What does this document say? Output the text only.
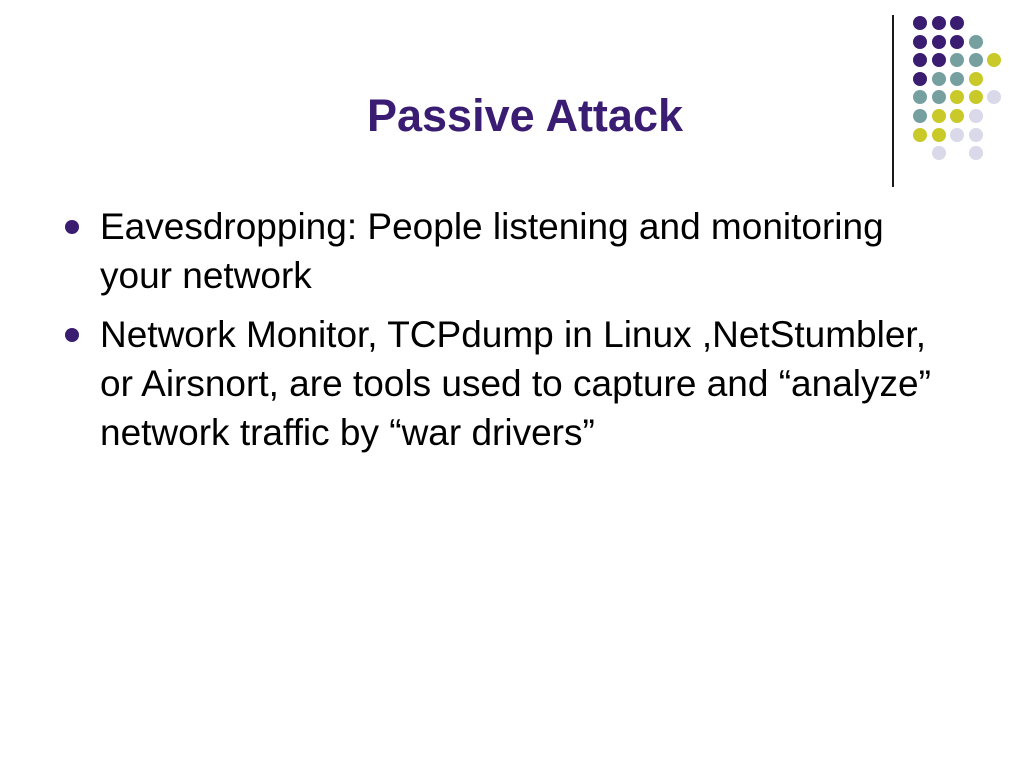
Passive Attack
Eavesdropping: People listening and monitoring your network
Network Monitor, TCPdump in Linux ,NetStumbler, or Airsnort, are tools used to capture and “analyze” network traffic by “war drivers”
